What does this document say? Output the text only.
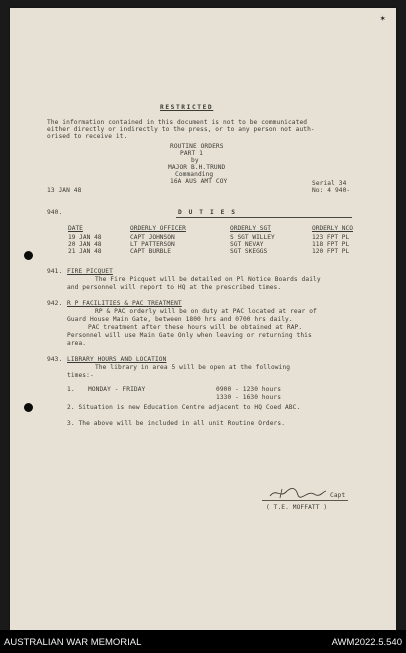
✶
RESTRICTED
The information contained in this document is not to be communicated
either directly or indirectly to the press, or to any person not auth-
orised to receive it.
ROUTINE ORDERS
PART 1
by
MAJOR B.H.TRUND
Commanding
16A AUS AMT COY
13 JAN 48
Serial 34
No: 4 940-
940.	D U T I E S
DATE	ORDERLY OFFICER	ORDERLY SGT	ORDERLY NCO
19 JAN 48	CAPT JOHNSON	S SGT WILLEY	123 FPT PL
20 JAN 48	LT PATTERSON	SGT NEVAY	118 FPT PL
21 JAN 48	CAPT BURBLE	SGT SKEGGS	120 FPT PL
941. FIRE PICQUET
The Fire Picquet will be detailed on Pl Notice Boards daily
and personnel will report to HQ at the prescribed times.
942. R P FACILITIES & PAC TREATMENT
RP & PAC orderly will be on duty at PAC located at rear of
Guard House Main Gate, between 1800 hrs and 0700 hrs daily.
PAC treatment after these hours will be obtained at RAP.
Personnel will use Main Gate Only when leaving or returning this
area.
943. LIBRARY HOURS AND LOCATION
The library in area 5 will be open at the following
times:-
1. MONDAY - FRIDAY	0900 - 1230 hours
1330 - 1630 hours
2. Situation is new Education Centre adjacent to HQ Coed ABC.
3. The above will be included in all unit Routine Orders.
Capt
( T.E. MOFFATT )
AUSTRALIAN WAR MEMORIAL	AWM2022.5.540
